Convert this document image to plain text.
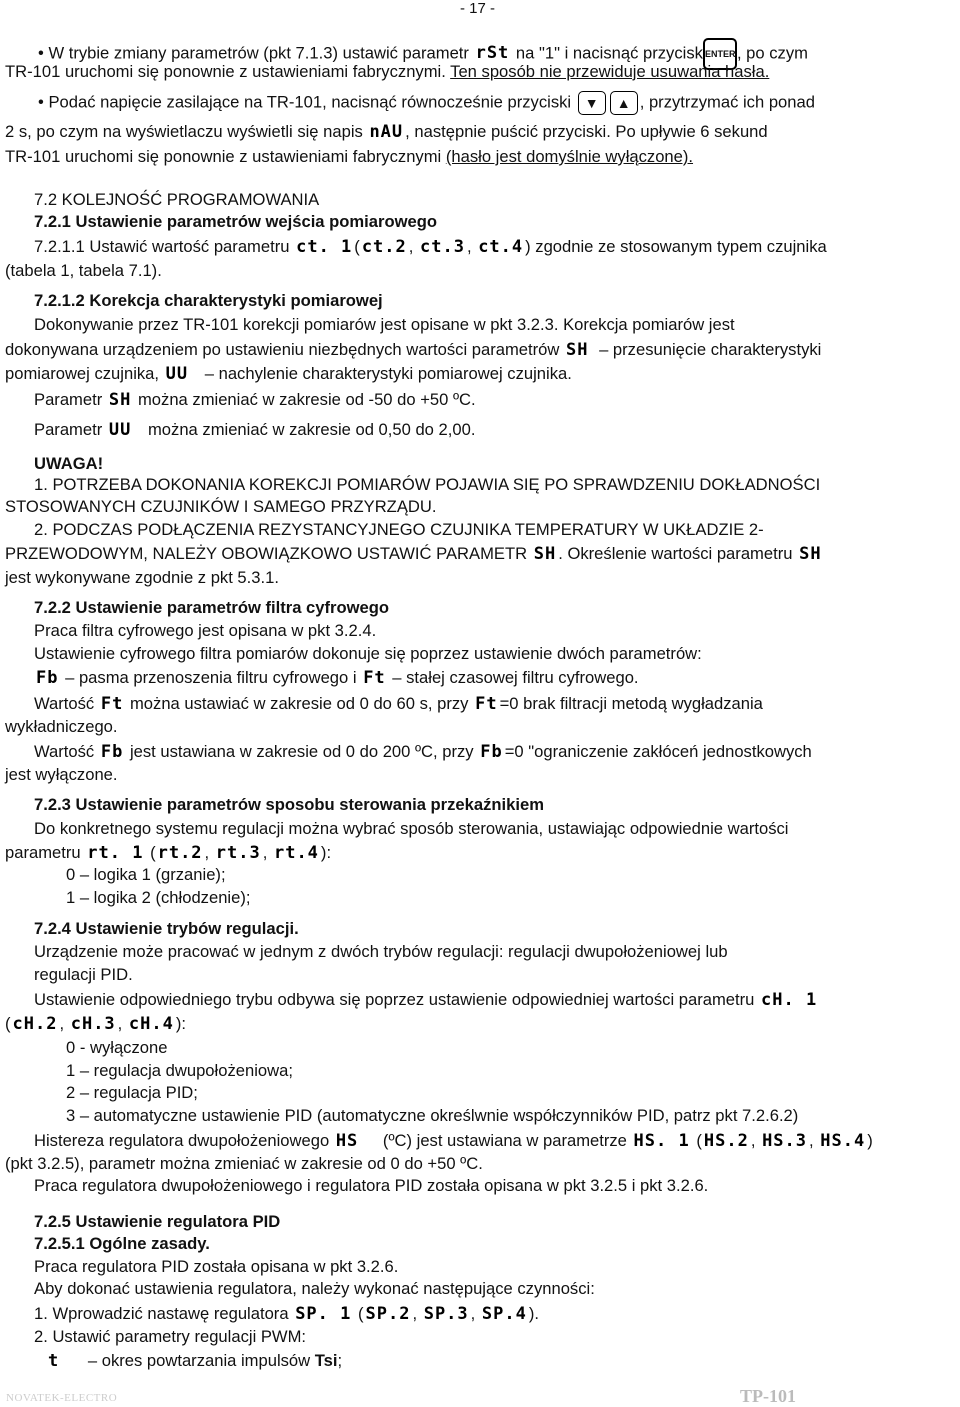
- 17 -
• W trybie zmiany parametrów (pkt 7.1.3) ustawić parametr rSt na "1" i nacisnąć przycisk ENTER, po czym
TR-101 uruchomi się ponownie z ustawieniami fabrycznymi. Ten sposób nie przewiduje usuwania hasła.
• Podać napięcie zasilające na TR-101, nacisnąć równocześnie przyciski ▼ ▲ , przytrzymać ich ponad
2 s, po czym na wyświetlaczu wyświetli się napis nAU , następnie puścić przyciski. Po upływie 6 sekund
TR-101 uruchomi się ponownie z ustawieniami fabrycznymi (hasło jest domyślnie wyłączone).
7.2 KOLEJNOŚĆ PROGRAMOWANIA
7.2.1 Ustawienie parametrów wejścia pomiarowego
7.2.1.1 Ustawić wartość parametru ct. 1 ( ct.2 , ct.3 , ct.4 ) zgodnie ze stosowanym typem czujnika
(tabela 1, tabela 7.1).
7.2.1.2 Korekcja charakterystyki pomiarowej
Dokonywanie przez TR-101 korekcji pomiarów jest opisane w pkt 3.2.3. Korekcja pomiarów jest
dokonywana urządzeniem po ustawieniu niezbędnych wartości parametrów SH – przesunięcie charakterystyki
pomiarowej czujnika, UU – nachylenie charakterystyki pomiarowej czujnika.
Parametr SH można zmieniać w zakresie od -50 do +50 ºC.
Parametr UU można zmieniać w zakresie od 0,50 do 2,00.
UWAGA!
1. POTRZEBA DOKONANIA KOREKCJI POMIARÓW POJAWIA SIĘ PO SPRAWDZENIU DOKŁADNOŚCI
STOSOWANYCH CZUJNIKÓW I SAMEGO PRZYRZĄDU.
2. PODCZAS PODŁĄCZENIA REZYSTANCYJNEGO CZUJNIKA TEMPERATURY W UKŁADZIE 2-
PRZEWODOWYM, NALEŻY OBOWIĄZKOWO USTAWIĆ PARAMETR SH . Określenie wartości parametru SH
jest wykonywane zgodnie z pkt 5.3.1.
7.2.2 Ustawienie parametrów filtra cyfrowego
Praca filtra cyfrowego jest opisana w pkt 3.2.4.
Ustawienie cyfrowego filtra pomiarów dokonuje się poprzez ustawienie dwóch parametrów:
Fb – pasma przenoszenia filtru cyfrowego i Ft – stałej czasowej filtru cyfrowego.
Wartość Ft można ustawiać w zakresie od 0 do 60 s, przy Ft =0 brak filtracji metodą wygładzania
wykładniczego.
Wartość Fb jest ustawiana w zakresie od 0 do 200 ºC, przy Fb =0 "ograniczenie zakłóceń jednostkowych
jest wyłączone.
7.2.3 Ustawienie parametrów sposobu sterowania przekaźnikiem
Do konkretnego systemu regulacji można wybrać sposób sterowania, ustawiając odpowiednie wartości
parametru rt. 1 ( rt.2 , rt.3 , rt.4 ):
0 – logika 1 (grzanie);
1 – logika 2 (chłodzenie);
7.2.4 Ustawienie trybów regulacji.
Urządzenie może pracować w jednym z dwóch trybów regulacji: regulacji dwupołożeniowej lub
regulacji PID.
Ustawienie odpowiedniego trybu odbywa się poprzez ustawienie odpowiedniej wartości parametru cH. 1
( cH.2 , cH.3 , cH.4 ):
0 - wyłączone
1 – regulacja dwupołożeniowa;
2 – regulacja PID;
3 – automatyczne ustawienie PID (automatyczne określwnie współczynników PID, patrz pkt 7.2.6.2)
Histereza regulatora dwupołożeniowego HS (ºC) jest ustawiana w parametrze HS. 1 ( HS.2 , HS.3 , HS.4 )
(pkt 3.2.5), parametr można zmieniać w zakresie od 0 do +50 ºC.
Praca regulatora dwupołożeniowego i regulatora PID została opisana w pkt 3.2.5 i pkt 3.2.6.
7.2.5 Ustawienie regulatora PID
7.2.5.1 Ogólne zasady.
Praca regulatora PID została opisana w pkt 3.2.6.
Aby dokonać ustawienia regulatora, należy wykonać następujące czynności:
1. Wprowadzić nastawę regulatora SP. 1 ( SP.2 , SP.3 , SP.4 ).
2. Ustawić parametry regulacji PWM:
t – okres powtarzania impulsów Tsi;
NOVATEK-ELECTRO	TP-101
